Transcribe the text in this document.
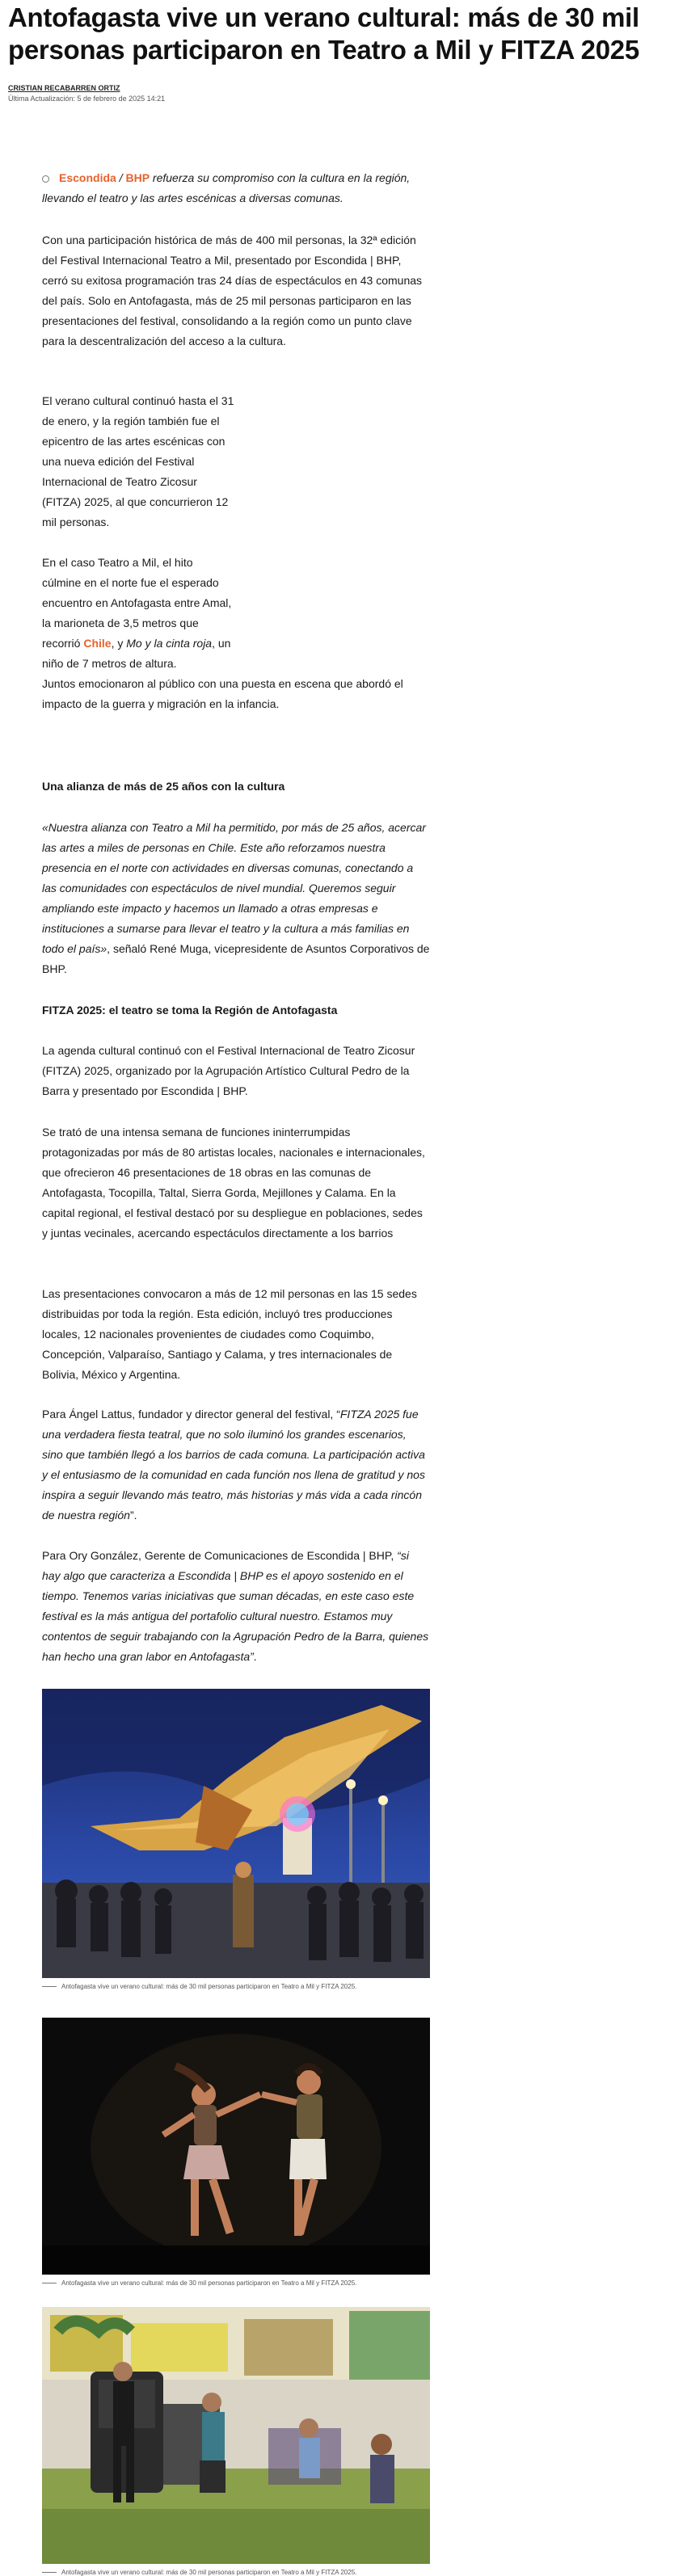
Antofagasta vive un verano cultural: más de 30 mil personas participaron en Teatro a Mil y FITZA 2025
CRISTIAN RECABARREN ORTIZ
Última Actualización: 5 de febrero de 2025 14:21
Escondida / BHP refuerza su compromiso con la cultura en la región, llevando el teatro y las artes escénicas a diversas comunas.
Con una participación histórica de más de 400 mil personas, la 32ª edición del Festival Internacional Teatro a Mil, presentado por Escondida | BHP, cerró su exitosa programación tras 24 días de espectáculos en 43 comunas del país. Solo en Antofagasta, más de 25 mil personas participaron en las presentaciones del festival, consolidando a la región como un punto clave para la descentralización del acceso a la cultura.
El verano cultural continuó hasta el 31 de enero, y la región también fue el epicentro de las artes escénicas con una nueva edición del Festival Internacional de Teatro Zicosur (FITZA) 2025, al que concurrieron 12 mil personas.
En el caso Teatro a Mil, el hito cúlmine en el norte fue el esperado encuentro en Antofagasta entre Amal, la marioneta de 3,5 metros que recorrió Chile, y Mo y la cinta roja, un niño de 7 metros de altura.
Juntos emocionaron al público con una puesta en escena que abordó el impacto de la guerra y migración en la infancia.
Una alianza de más de 25 años con la cultura
«Nuestra alianza con Teatro a Mil ha permitido, por más de 25 años, acercar las artes a miles de personas en Chile. Este año reforzamos nuestra presencia en el norte con actividades en diversas comunas, conectando a las comunidades con espectáculos de nivel mundial. Queremos seguir ampliando este impacto y hacemos un llamado a otras empresas e instituciones a sumarse para llevar el teatro y la cultura a más familias en todo el país», señaló René Muga, vicepresidente de Asuntos Corporativos de BHP.
FITZA 2025: el teatro se toma la Región de Antofagasta
La agenda cultural continuó con el Festival Internacional de Teatro Zicosur (FITZA) 2025, organizado por la Agrupación Artístico Cultural Pedro de la Barra y presentado por Escondida | BHP.
Se trató de una intensa semana de funciones ininterrumpidas protagonizadas por más de 80 artistas locales, nacionales e internacionales, que ofrecieron 46 presentaciones de 18 obras en las comunas de Antofagasta, Tocopilla, Taltal, Sierra Gorda, Mejillones y Calama. En la capital regional, el festival destacó por su despliegue en poblaciones, sedes y juntas vecinales, acercando espectáculos directamente a los barrios
Las presentaciones convocaron a más de 12 mil personas en las 15 sedes distribuidas por toda la región. Esta edición, incluyó tres producciones locales, 12 nacionales provenientes de ciudades como Coquimbo, Concepción, Valparaíso, Santiago y Calama, y tres internacionales de Bolivia, México y Argentina.
Para Ángel Lattus, fundador y director general del festival, “FITZA 2025 fue una verdadera fiesta teatral, que no solo iluminó los grandes escenarios, sino que también llegó a los barrios de cada comuna. La participación activa y el entusiasmo de la comunidad en cada función nos llena de gratitud y nos inspira a seguir llevando más teatro, más historias y más vida a cada rincón de nuestra región”.
Para Ory González, Gerente de Comunicaciones de Escondida | BHP, “si hay algo que caracteriza a Escondida | BHP es el apoyo sostenido en el tiempo. Tenemos varias iniciativas que suman décadas, en este caso este festival es la más antigua del portafolio cultural nuestro. Estamos muy contentos de seguir trabajando con la Agrupación Pedro de la Barra, quienes han hecho una gran labor en Antofagasta”.
Antofagasta vive un verano cultural: más de 30 mil personas participaron en Teatro a Mil y FITZA 2025.
Antofagasta vive un verano cultural: más de 30 mil personas participaron en Teatro a Mil y FITZA 2025.
Antofagasta vive un verano cultural: más de 30 mil personas participaron en Teatro a Mil y FITZA 2025.
